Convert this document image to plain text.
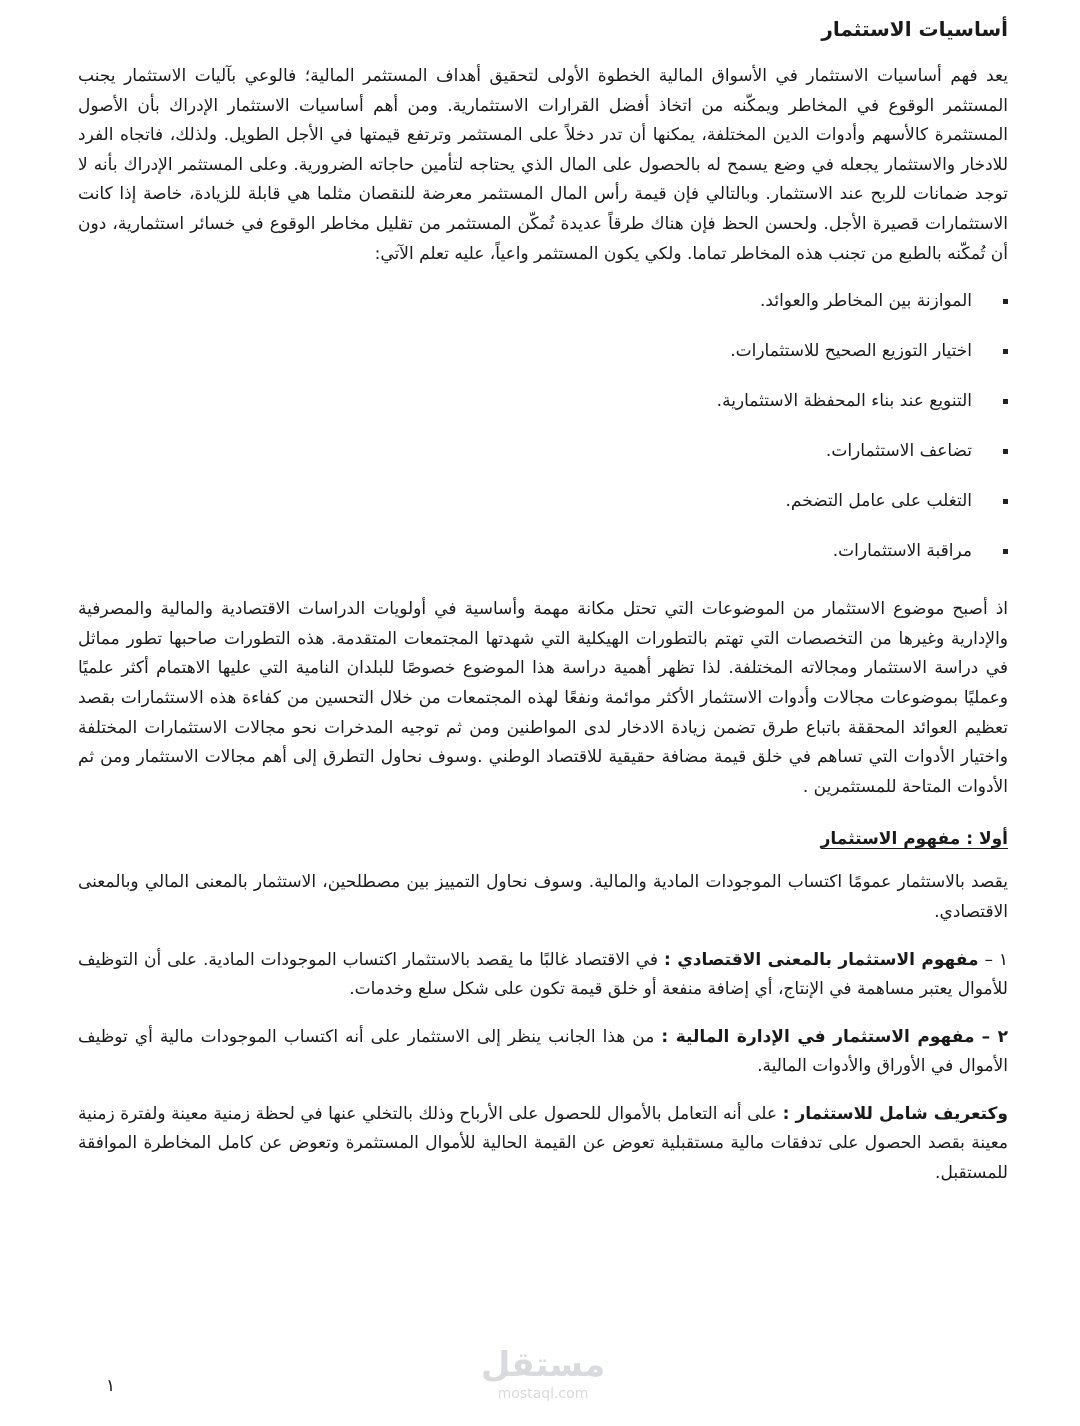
أساسيات الاستثمار

يعد فهم أساسيات الاستثمار في الأسواق المالية الخطوة الأولى لتحقيق أهداف المستثمر المالية؛ فالوعي بآليات الاستثمار يجنب المستثمر الوقوع في المخاطر ويمكّنه من اتخاذ أفضل القرارات الاستثمارية. ومن أهم أساسيات الاستثمار الإدراك بأن الأصول المستثمرة كالأسهم وأدوات الدين المختلفة، يمكنها أن تدر دخلاً على المستثمر وترتفع قيمتها في الأجل الطويل. ولذلك، فاتجاه الفرد للادخار والاستثمار يجعله في وضع يسمح له بالحصول على المال الذي يحتاجه لتأمين حاجاته الضرورية. وعلى المستثمر الإدراك بأنه لا توجد ضمانات للربح عند الاستثمار. وبالتالي فإن قيمة رأس المال المستثمر معرضة للنقصان مثلما هي قابلة للزيادة، خاصة إذا كانت الاستثمارات قصيرة الأجل. ولحسن الحظ فإن هناك طرقاً عديدة تُمكّن المستثمر من تقليل مخاطر الوقوع في خسائر استثمارية، دون أن تُمكّنه بالطبع من تجنب هذه المخاطر تماما. ولكي يكون المستثمر واعياً، عليه تعلم الآتي:

الموازنة بين المخاطر والعوائد.
اختيار التوزيع الصحيح للاستثمارات.
التنويع عند بناء المحفظة الاستثمارية.
تضاعف الاستثمارات.
التغلب على عامل التضخم.
مراقبة الاستثمارات.

اذ أصبح موضوع الاستثمار من الموضوعات التي تحتل مكانة مهمة وأساسية في أولويات الدراسات الاقتصادية والمالية والمصرفية والإدارية وغيرها من التخصصات التي تهتم بالتطورات الهيكلية التي شهدتها المجتمعات المتقدمة. هذه التطورات صاحبها تطور مماثل في دراسة الاستثمار ومجالاته المختلفة. لذا تظهر أهمية دراسة هذا الموضوع خصوصًا للبلدان النامية التي عليها الاهتمام أكثر علميًا وعمليًا بموضوعات مجالات وأدوات الاستثمار الأكثر موائمة ونفعًا لهذه المجتمعات من خلال التحسين من كفاءة هذه الاستثمارات بقصد تعظيم العوائد المحققة باتباع طرق تضمن زيادة الادخار لدى المواطنين ومن ثم توجيه المدخرات نحو مجالات الاستثمارات المختلفة واختيار الأدوات التي تساهم في خلق قيمة مضافة حقيقية للاقتصاد الوطني .وسوف نحاول التطرق إلى أهم مجالات الاستثمار ومن ثم الأدوات المتاحة للمستثمرين .

أولا : مفهوم الاستثمار

يقصد بالاستثمار عمومًا اكتساب الموجودات المادية والمالية. وسوف نحاول التمييز بين مصطلحين، الاستثمار بالمعنى المالي وبالمعنى الاقتصادي.

١ – مفهوم الاستثمار بالمعنى الاقتصادي : في الاقتصاد غالبًا ما يقصد بالاستثمار اكتساب الموجودات المادية. على أن التوظيف للأموال يعتبر مساهمة في الإنتاج، أي إضافة منفعة أو خلق قيمة تكون على شكل سلع وخدمات.

٢ – مفهوم الاستثمار في الإدارة المالية : من هذا الجانب ينظر إلى الاستثمار على أنه اكتساب الموجودات مالية أي توظيف الأموال في الأوراق والأدوات المالية.

وكتعريف شامل للاستثمار : على أنه التعامل بالأموال للحصول على الأرباح وذلك بالتخلي عنها في لحظة زمنية معينة ولفترة زمنية معينة بقصد الحصول على تدفقات مالية مستقبلية تعوض عن القيمة الحالية للأموال المستثمرة وتعوض عن كامل المخاطرة الموافقة للمستقبل.

١
مستقل
mostaql.com
